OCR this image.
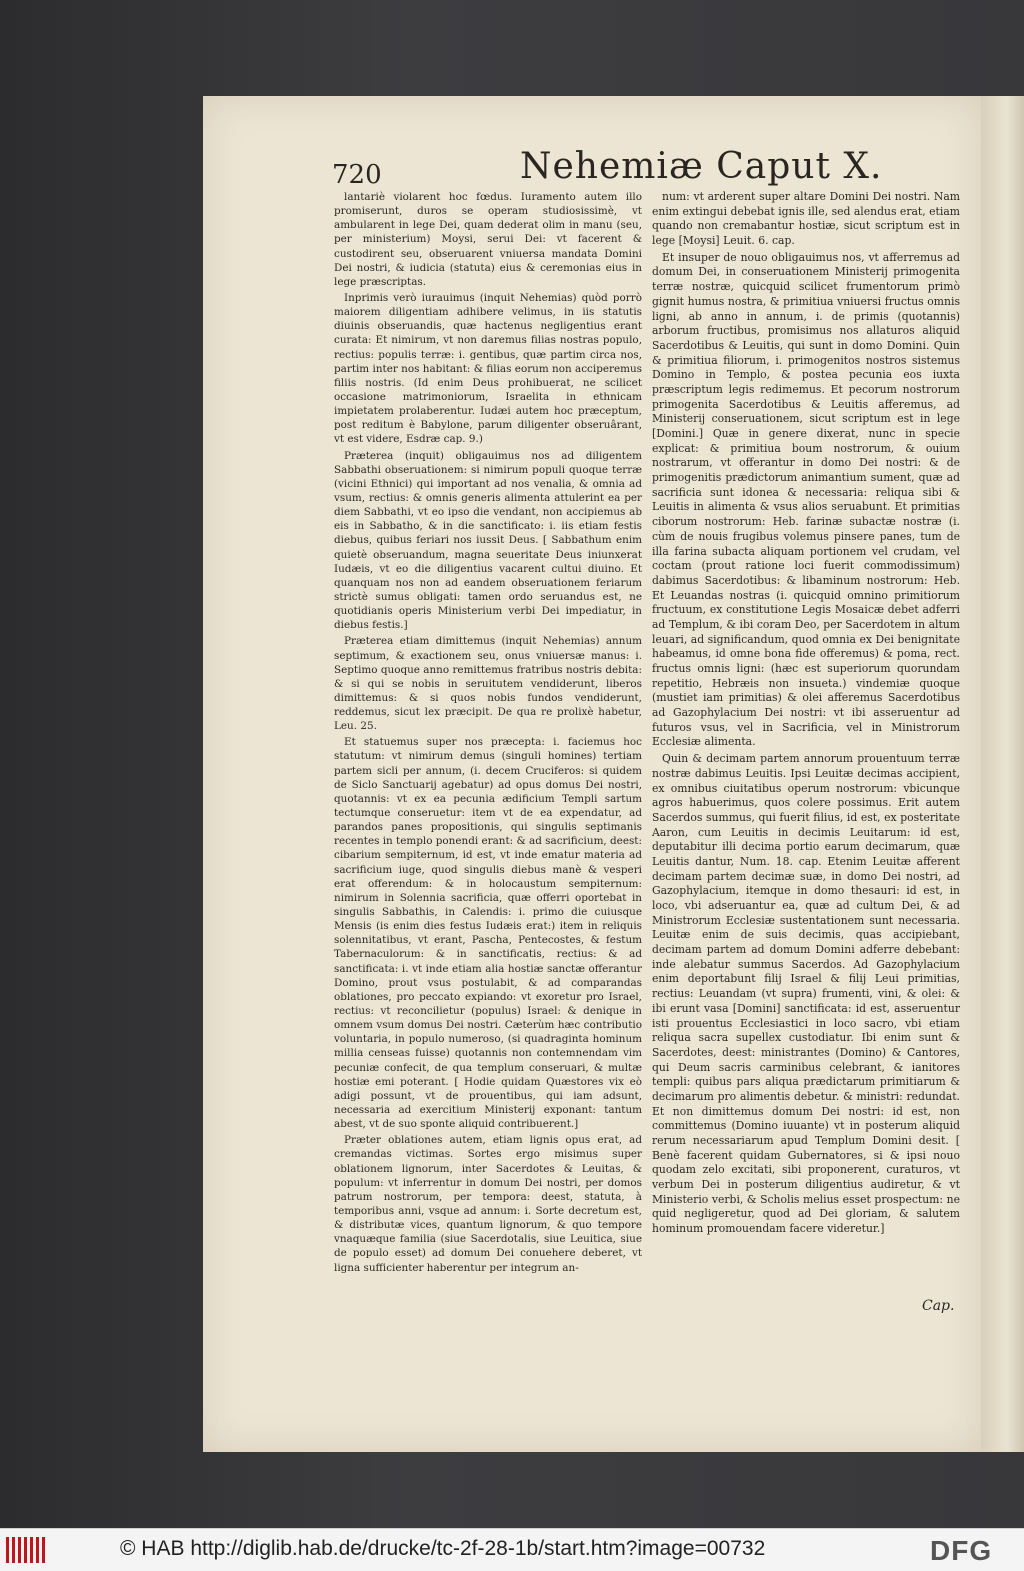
720	Nehemiæ Caput X.

lantariè violarent hoc fœdus. Iuramento autem illo promiserunt, duros se operam studiosissimè, vt ambularent in lege Dei, quam dederat olim in manu (seu, per ministerium) Moysi, serui Dei: vt facerent & custodirent seu, obseruarent vniuersa mandata Domini Dei nostri, & iudicia (statuta) eius & ceremonias eius in lege præscriptas.

Inprimis verò iurauimus (inquit Nehemias) quòd porrò maiorem diligentiam adhibere velimus, in iis statutis diuinis obseruandis, quæ hactenus negligentius erant curata: Et nimirum, vt non daremus filias nostras populo, rectius: populis terræ: i. gentibus, quæ partim circa nos, partim inter nos habitant: & filias eorum non acciperemus filiis nostris. (Id enim Deus prohibuerat, ne scilicet occasione matrimoniorum, Israelita in ethnicam impietatem prolaberentur. Iudæi autem hoc præceptum, post reditum è Babylone, parum diligenter obseruârant, vt est videre, Esdræ cap. 9.)

Præterea (inquit) obligauimus nos ad diligentem Sabbathi obseruationem: si nimirum populi quoque terræ (vicini Ethnici) qui important ad nos venalia, & omnia ad vsum, rectius: & omnis generis alimenta attulerint ea per diem Sabbathi, vt eo ipso die vendant, non accipiemus ab eis in Sabbatho, & in die sanctificato: i. iis etiam festis diebus, quibus feriari nos iussit Deus. [ Sabbathum enim quietè obseruandum, magna seueritate Deus iniunxerat Iudæis, vt eo die diligentius vacarent cultui diuino. Et quanquam nos non ad eandem obseruationem feriarum strictè sumus obligati: tamen ordo seruandus est, ne quotidianis operis Ministerium verbi Dei impediatur, in diebus festis.]

Præterea etiam dimittemus (inquit Nehemias) annum septimum, & exactionem seu, onus vniuersæ manus: i. Septimo quoque anno remittemus fratribus nostris debita: & si qui se nobis in seruitutem vendiderunt, liberos dimittemus: & si quos nobis fundos vendiderunt, reddemus, sicut lex præcipit. De qua re prolixè habetur, Leu. 25.

Et statuemus super nos præcepta: i. faciemus hoc statutum: vt nimirum demus (singuli homines) tertiam partem sicli per annum, (i. decem Cruciferos: si quidem de Siclo Sanctuarij agebatur) ad opus domus Dei nostri, quotannis: vt ex ea pecunia ædificium Templi sartum tectumque conseruetur: item vt de ea expendatur, ad parandos panes propositionis, qui singulis septimanis recentes in templo ponendi erant: & ad sacrificium, deest: cibarium sempiternum, id est, vt inde ematur materia ad sacrificium iuge, quod singulis diebus manè & vesperi erat offerendum: & in holocaustum sempiternum: nimirum in Solennia sacrificia, quæ offerri oportebat in singulis Sabbathis, in Calendis: i. primo die cuiusque Mensis (is enim dies festus Iudæis erat:) item in reliquis solennitatibus, vt erant, Pascha, Pentecostes, & festum Tabernaculorum: & in sanctificatis, rectius: & ad sanctificata: i. vt inde etiam alia hostiæ sanctæ offerantur Domino, prout vsus postulabit, & ad comparandas oblationes, pro peccato expiando: vt exoretur pro Israel, rectius: vt reconcilietur (populus) Israel: & denique in omnem vsum domus Dei nostri. Cæterùm hæc contributio voluntaria, in populo numeroso, (si quadraginta hominum millia censeas fuisse) quotannis non contemnendam vim pecuniæ confecit, de qua templum conseruari, & multæ hostiæ emi poterant. [ Hodie quidam Quæstores vix eò adigi possunt, vt de prouentibus, qui iam adsunt, necessaria ad exercitium Ministerij exponant: tantum abest, vt de suo sponte aliquid contribuerent.]

Præter oblationes autem, etiam lignis opus erat, ad cremandas victimas. Sortes ergo misimus super oblationem lignorum, inter Sacerdotes & Leuitas, & populum: vt inferrentur in domum Dei nostri, per domos patrum nostrorum, per tempora: deest, statuta, à temporibus anni, vsque ad annum: i. Sorte decretum est, & distributæ vices, quantum lignorum, & quo tempore vnaquæque familia (siue Sacerdotalis, siue Leuitica, siue de populo esset) ad domum Dei conuehere deberet, vt ligna sufficienter haberentur per integrum an-

num: vt arderent super altare Domini Dei nostri. Nam enim extingui debebat ignis ille, sed alendus erat, etiam quando non cremabantur hostiæ, sicut scriptum est in lege [Moysi] Leuit. 6. cap.

Et insuper de nouo obligauimus nos, vt afferremus ad domum Dei, in conseruationem Ministerij primogenita terræ nostræ, quicquid scilicet frumentorum primò gignit humus nostra, & primitiua vniuersi fructus omnis ligni, ab anno in annum, i. de primis (quotannis) arborum fructibus, promisimus nos allaturos aliquid Sacerdotibus & Leuitis, qui sunt in domo Domini. Quin & primitiua filiorum, i. primogenitos nostros sistemus Domino in Templo, & postea pecunia eos iuxta præscriptum legis redimemus. Et pecorum nostrorum primogenita Sacerdotibus & Leuitis afferemus, ad Ministerij conseruationem, sicut scriptum est in lege [Domini.] Quæ in genere dixerat, nunc in specie explicat: & primitiua boum nostrorum, & ouium nostrarum, vt offerantur in domo Dei nostri: & de primogenitis prædictorum animantium sument, quæ ad sacrificia sunt idonea & necessaria: reliqua sibi & Leuitis in alimenta & vsus alios seruabunt. Et primitias ciborum nostrorum: Heb. farinæ subactæ nostræ (i. cùm de nouis frugibus volemus pinsere panes, tum de illa farina subacta aliquam portionem vel crudam, vel coctam (prout ratione loci fuerit commodissimum) dabimus Sacerdotibus: & libaminum nostrorum: Heb. Et Leuandas nostras (i. quicquid omnino primitiorum fructuum, ex constitutione Legis Mosaicæ debet adferri ad Templum, & ibi coram Deo, per Sacerdotem in altum leuari, ad significandum, quod omnia ex Dei benignitate habeamus, id omne bona fide offeremus) & poma, rect. fructus omnis ligni: (hæc est superiorum quorundam repetitio, Hebræis non insueta.) vindemiæ quoque (mustiet iam primitias) & olei afferemus Sacerdotibus ad Gazophylacium Dei nostri: vt ibi asseruentur ad futuros vsus, vel in Sacrificia, vel in Ministrorum Ecclesiæ alimenta.

Quin & decimam partem annorum prouentuum terræ nostræ dabimus Leuitis. Ipsi Leuitæ decimas accipient, ex omnibus ciuitatibus operum nostrorum: vbicunque agros habuerimus, quos colere possimus. Erit autem Sacerdos summus, qui fuerit filius, id est, ex posteritate Aaron, cum Leuitis in decimis Leuitarum: id est, deputabitur illi decima portio earum decimarum, quæ Leuitis dantur, Num. 18. cap. Etenim Leuitæ afferent decimam partem decimæ suæ, in domo Dei nostri, ad Gazophylacium, itemque in domo thesauri: id est, in loco, vbi adseruantur ea, quæ ad cultum Dei, & ad Ministrorum Ecclesiæ sustentationem sunt necessaria. Leuitæ enim de suis decimis, quas accipiebant, decimam partem ad domum Domini adferre debebant: inde alebatur summus Sacerdos. Ad Gazophylacium enim deportabunt filij Israel & filij Leui primitias, rectius: Leuandam (vt supra) frumenti, vini, & olei: & ibi erunt vasa [Domini] sanctificata: id est, asseruentur isti prouentus Ecclesiastici in loco sacro, vbi etiam reliqua sacra supellex custodiatur. Ibi enim sunt & Sacerdotes, deest: ministrantes (Domino) & Cantores, qui Deum sacris carminibus celebrant, & ianitores templi: quibus pars aliqua prædictarum primitiarum & decimarum pro alimentis debetur. & ministri: redundat. Et non dimittemus domum Dei nostri: id est, non committemus (Domino iuuante) vt in posterum aliquid rerum necessariarum apud Templum Domini desit. [ Benè facerent quidam Gubernatores, si & ipsi nouo quodam zelo excitati, sibi proponerent, curaturos, vt verbum Dei in posterum diligentius audiretur, & vt Ministerio verbi, & Scholis melius esset prospectum: ne quid negligeretur, quod ad Dei gloriam, & salutem hominum promouendam facere videretur.]

Cap.
© HAB http://diglib.hab.de/drucke/tc-2f-28-1b/start.htm?image=00732	DFG
